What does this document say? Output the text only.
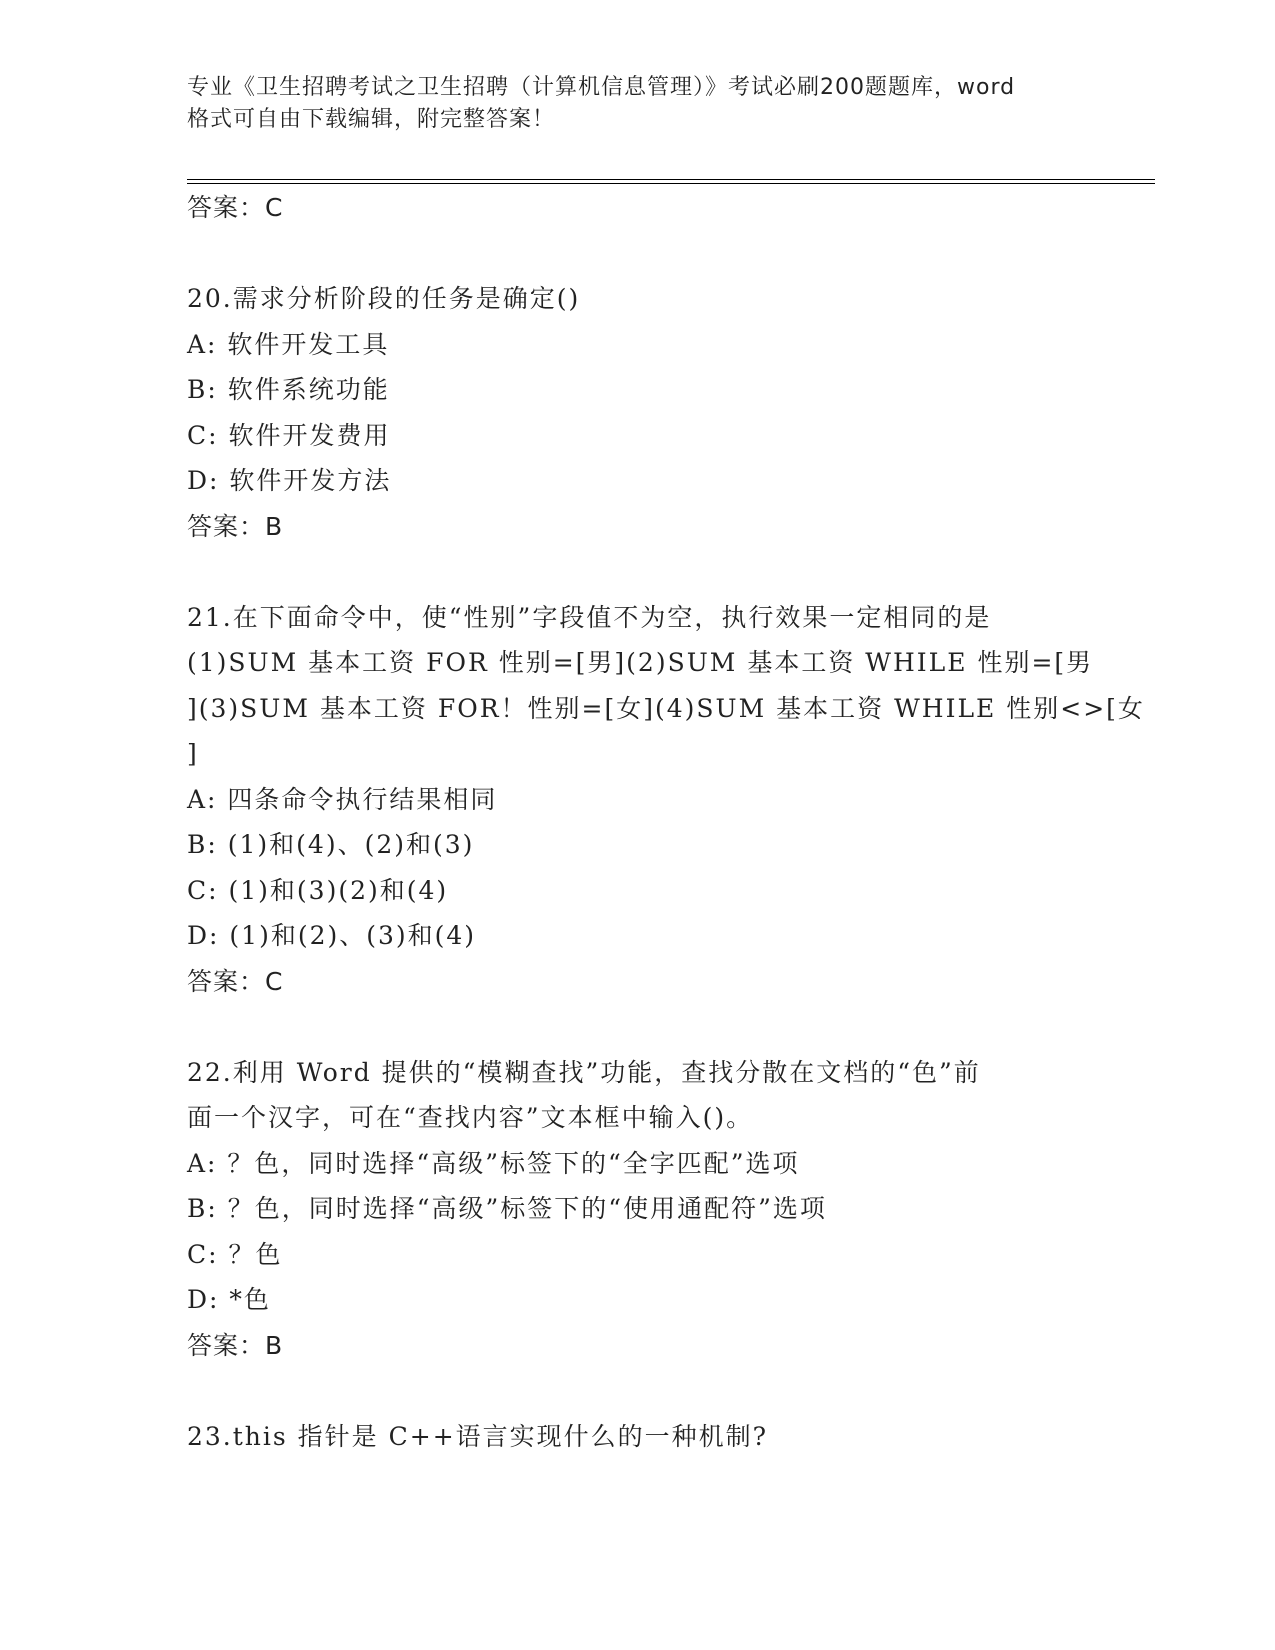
专业《卫生招聘考试之卫生招聘（计算机信息管理）》考试必刷200题题库，word
格式可自由下载编辑，附完整答案！
答案：C
20.需求分析阶段的任务是确定()
A: 软件开发工具
B: 软件系统功能
C: 软件开发费用
D: 软件开发方法
答案：B
21.在下面命令中，使“性别”字段值不为空，执行效果一定相同的是
(1)SUM 基本工资 FOR 性别=[男](2)SUM 基本工资 WHILE 性别=[男
](3)SUM 基本工资 FOR！性别=[女](4)SUM 基本工资 WHILE 性别<>[女
]
A: 四条命令执行结果相同
B: (1)和(4)、(2)和(3)
C: (1)和(3)(2)和(4)
D: (1)和(2)、(3)和(4)
答案：C
22.利用 Word 提供的“模糊查找”功能，查找分散在文档的“色”前
面一个汉字，可在“查找内容”文本框中输入()。
A: ？色，同时选择“高级”标签下的“全字匹配”选项
B: ？色，同时选择“高级”标签下的“使用通配符”选项
C: ？色
D: *色
答案：B
23.this 指针是 C++语言实现什么的一种机制?
